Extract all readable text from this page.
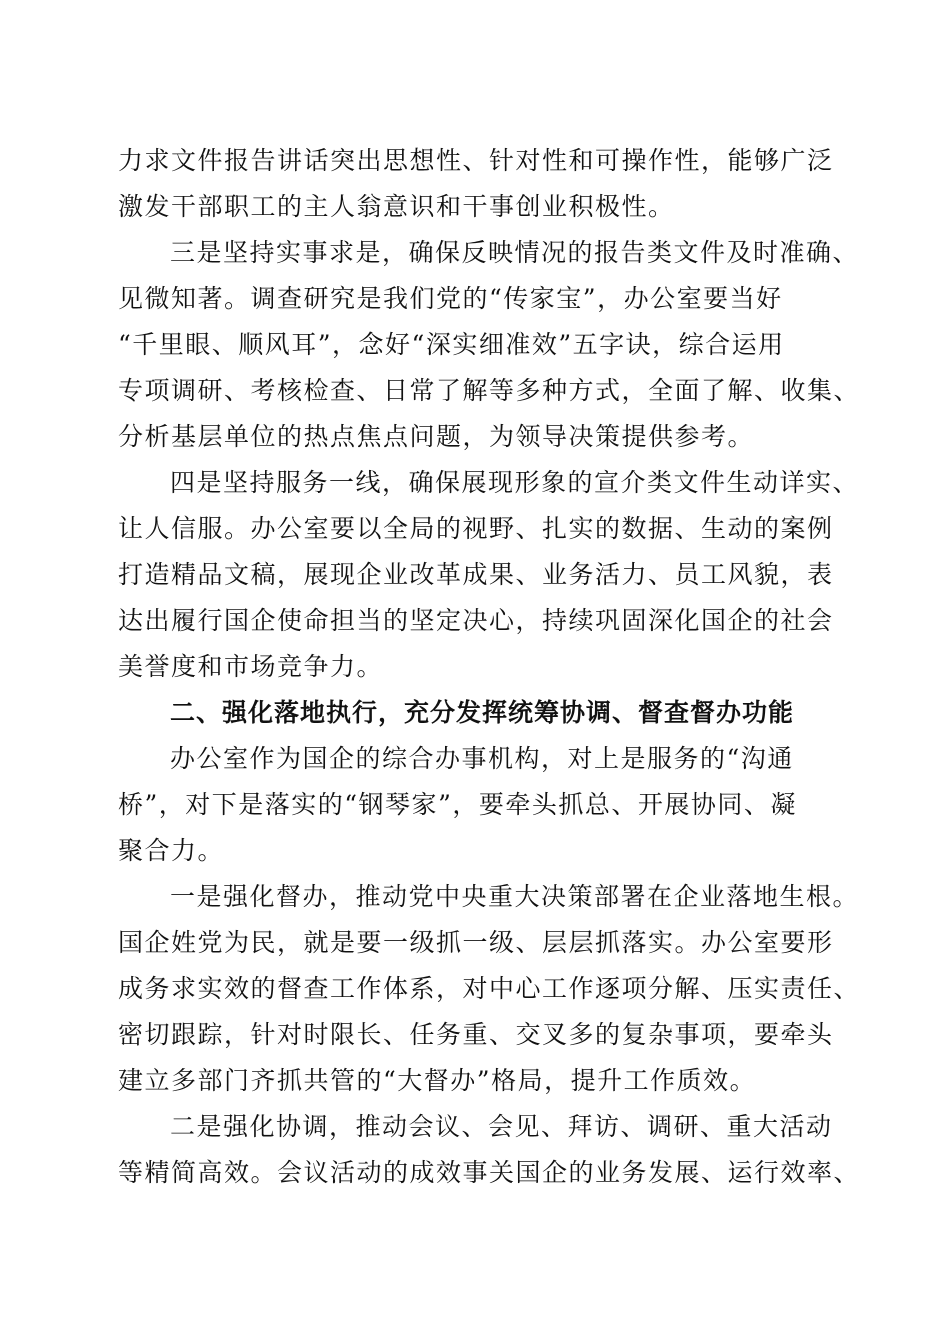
力求文件报告讲话突出思想性、针对性和可操作性，能够广泛
激发干部职工的主人翁意识和干事创业积极性。
三是坚持实事求是，确保反映情况的报告类文件及时准确、
见微知著。调查研究是我们党的“传家宝”，办公室要当好
“千里眼、顺风耳”，念好“深实细准效”五字诀，综合运用
专项调研、考核检查、日常了解等多种方式，全面了解、收集、
分析基层单位的热点焦点问题，为领导决策提供参考。
四是坚持服务一线，确保展现形象的宣介类文件生动详实、
让人信服。办公室要以全局的视野、扎实的数据、生动的案例
打造精品文稿，展现企业改革成果、业务活力、员工风貌，表
达出履行国企使命担当的坚定决心，持续巩固深化国企的社会
美誉度和市场竞争力。
二、强化落地执行，充分发挥统筹协调、督查督办功能
办公室作为国企的综合办事机构，对上是服务的“沟通
桥”，对下是落实的“钢琴家”，要牵头抓总、开展协同、凝
聚合力。
一是强化督办，推动党中央重大决策部署在企业落地生根。
国企姓党为民，就是要一级抓一级、层层抓落实。办公室要形
成务求实效的督查工作体系，对中心工作逐项分解、压实责任、
密切跟踪，针对时限长、任务重、交叉多的复杂事项，要牵头
建立多部门齐抓共管的“大督办”格局，提升工作质效。
二是强化协调，推动会议、会见、拜访、调研、重大活动
等精简高效。会议活动的成效事关国企的业务发展、运行效率、
